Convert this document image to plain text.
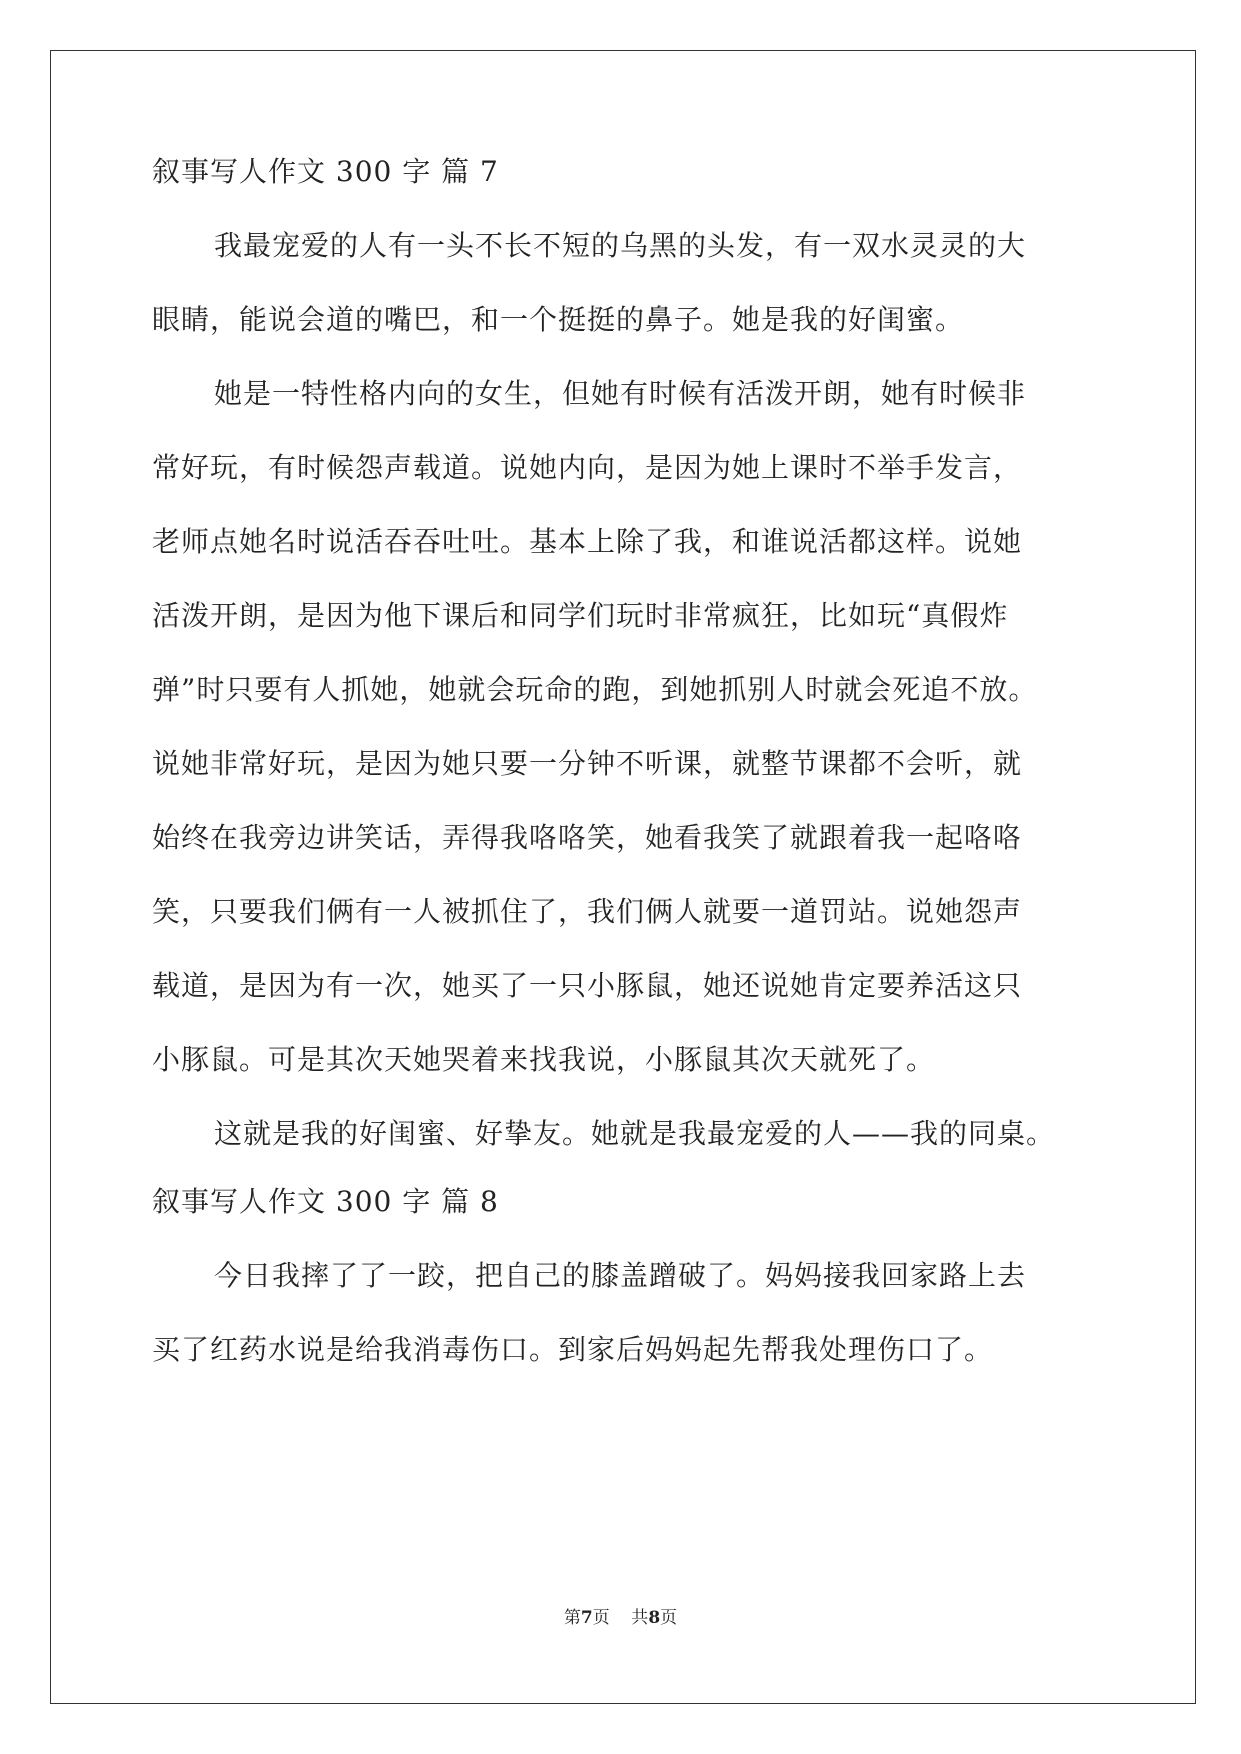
叙事写人作文 300 字 篇 7
我最宠爱的人有一头不长不短的乌黑的头发，有一双水灵灵的大
眼睛，能说会道的嘴巴，和一个挺挺的鼻子。她是我的好闺蜜。
她是一特性格内向的女生，但她有时候有活泼开朗，她有时候非
常好玩，有时候怨声载道。说她内向，是因为她上课时不举手发言，
老师点她名时说活吞吞吐吐。基本上除了我，和谁说活都这样。说她
活泼开朗，是因为他下课后和同学们玩时非常疯狂，比如玩“真假炸
弹”时只要有人抓她，她就会玩命的跑，到她抓别人时就会死追不放。
说她非常好玩，是因为她只要一分钟不听课，就整节课都不会听，就
始终在我旁边讲笑话，弄得我咯咯笑，她看我笑了就跟着我一起咯咯
笑，只要我们俩有一人被抓住了，我们俩人就要一道罚站。说她怨声
载道，是因为有一次，她买了一只小豚鼠，她还说她肯定要养活这只
小豚鼠。可是其次天她哭着来找我说，小豚鼠其次天就死了。
这就是我的好闺蜜、好挚友。她就是我最宠爱的人——我的同桌。
叙事写人作文 300 字 篇 8
今日我摔了了一跤，把自己的膝盖蹭破了。妈妈接我回家路上去
买了红药水说是给我消毒伤口。到家后妈妈起先帮我处理伤口了。
第7页    共8页
